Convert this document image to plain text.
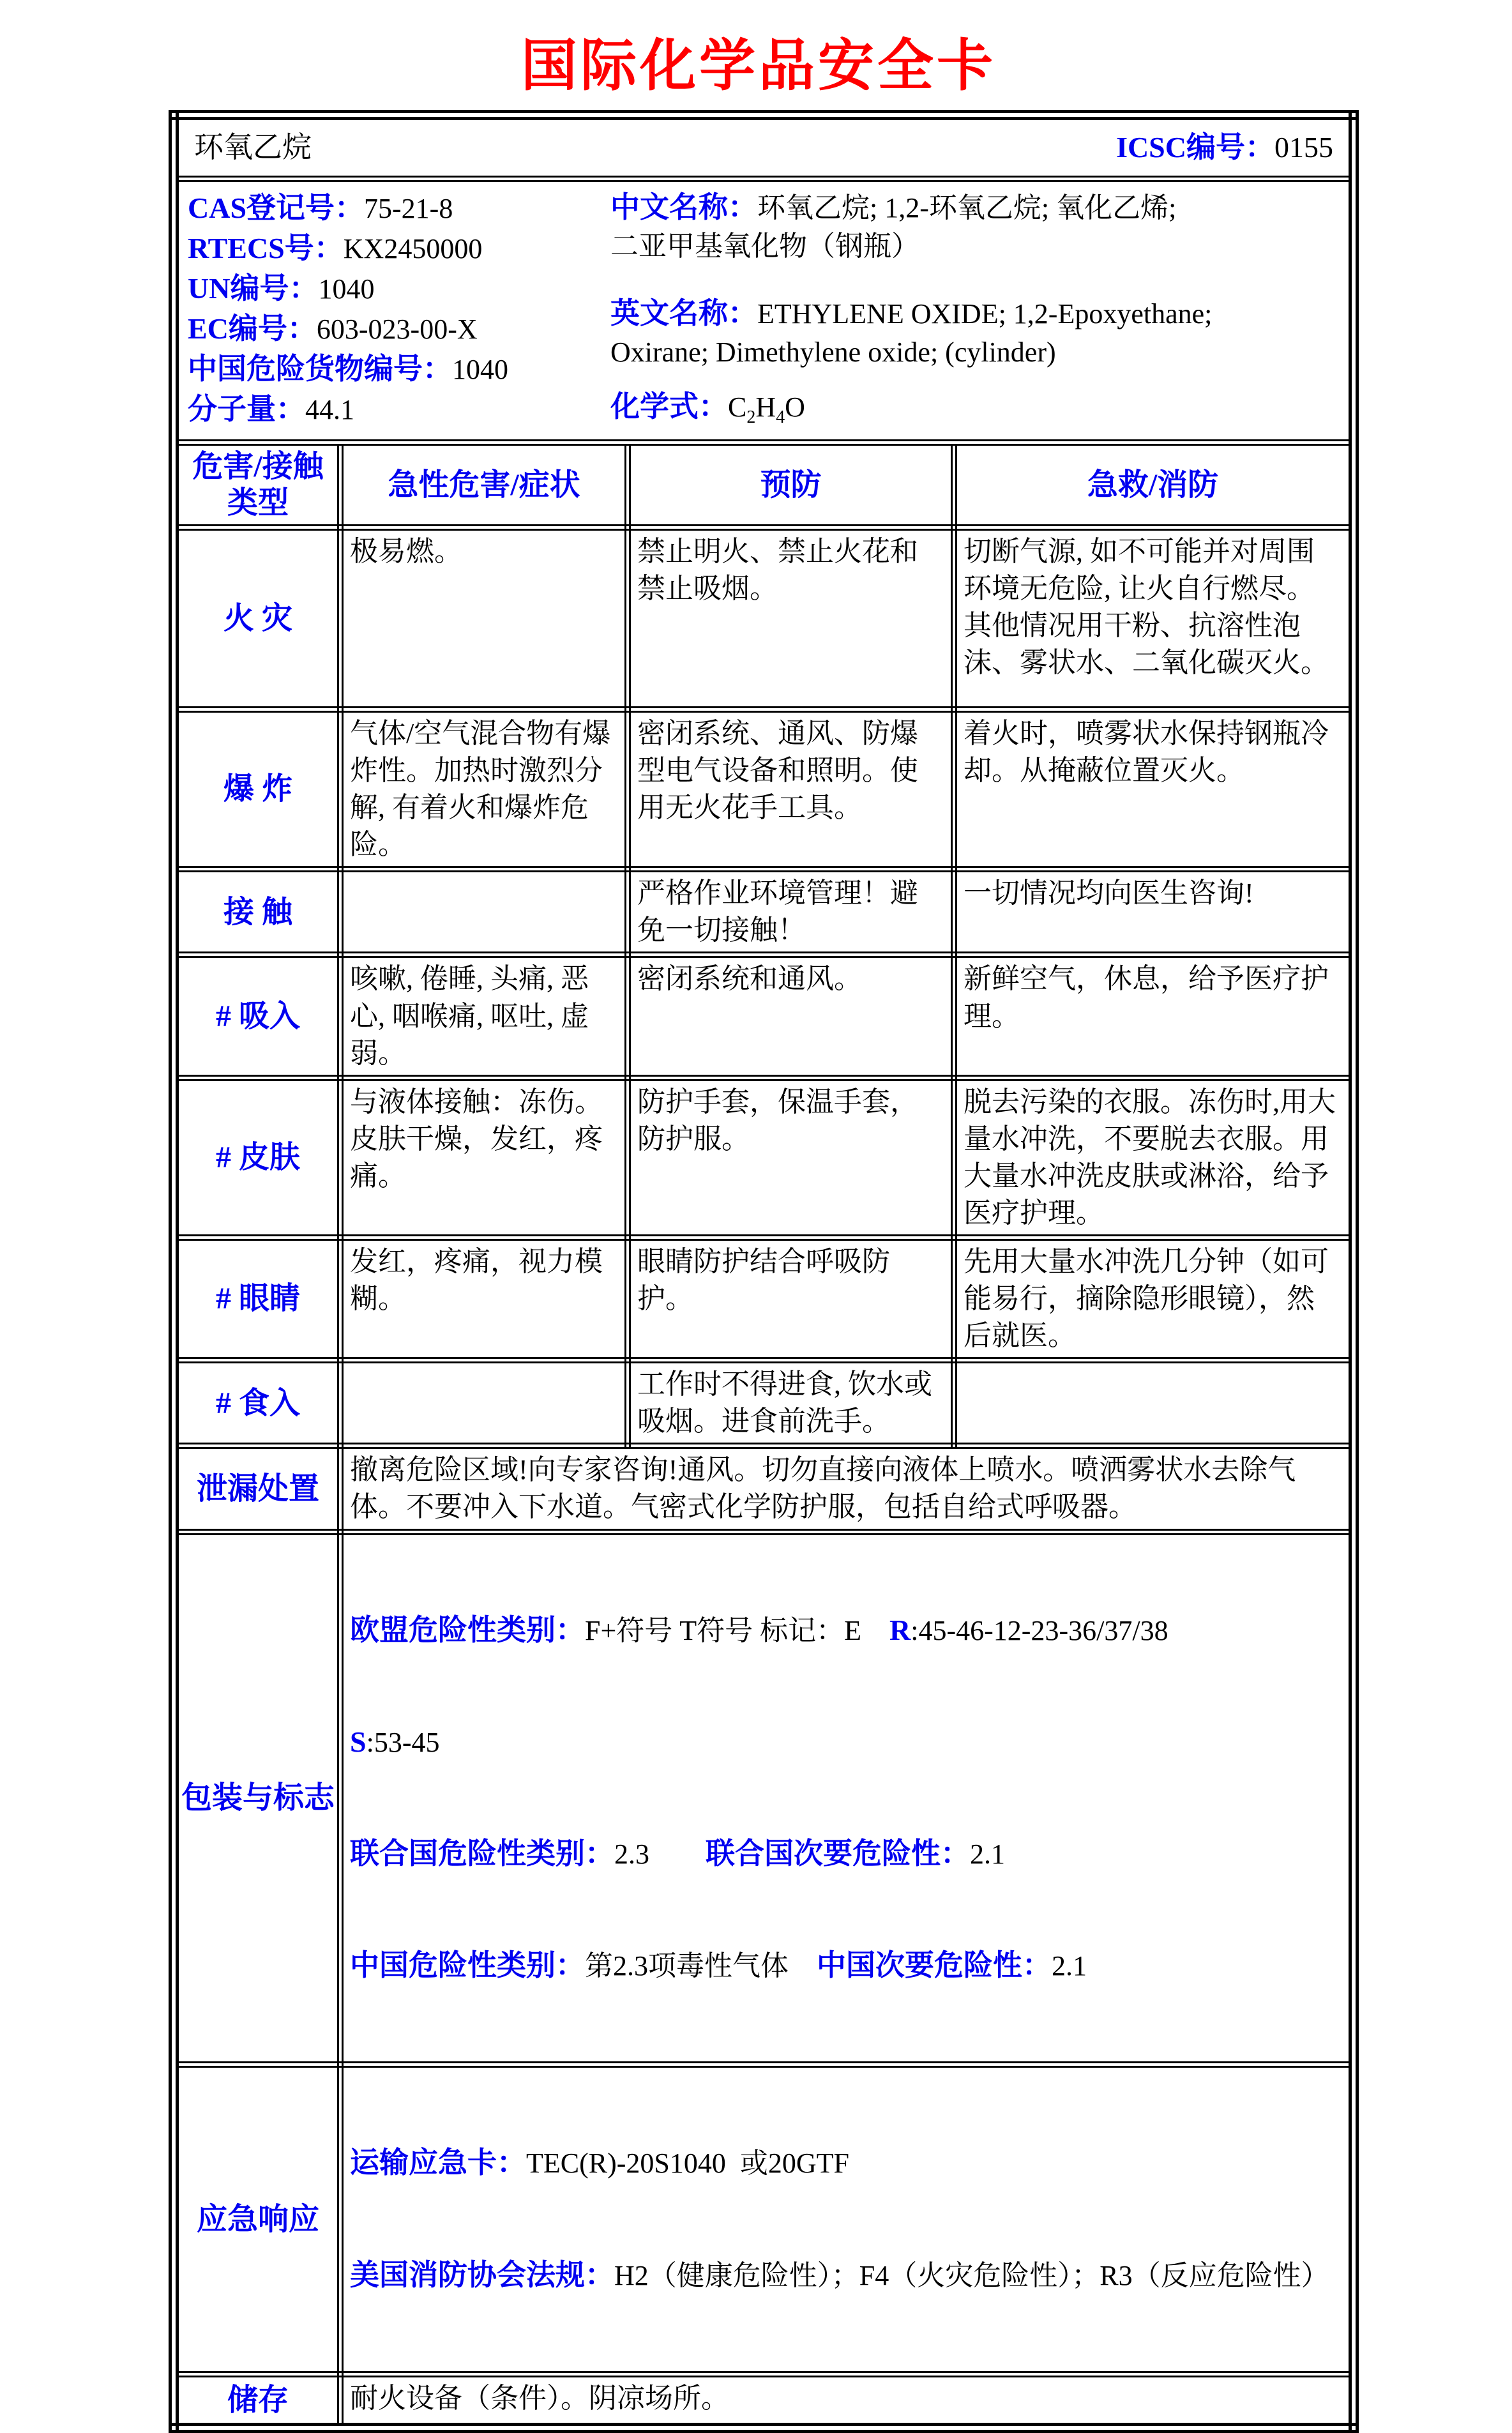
国际化学品安全卡
环氧乙烷 ICSC编号：0155			

CAS登记号：75-21-8
RTECS号：KX2450000
UN编号：1040
EC编号：603-023-00-X
中国危险货物编号：1040
分子量：44.1
中文名称：环氧乙烷; 1,2-环氧乙烷; 氧化乙烯;
二亚甲基氧化物（钢瓶）
英文名称：ETHYLENE OXIDE; 1,2-Epoxyethane;
Oxirane; Dimethylene oxide; (cylinder)
化学式：$C_2H_4O$

危害/接触
类型	急性危害/症状	预防	急救/消防
火 灾	极易燃。	禁止明火、禁止火花和禁止吸烟。	切断气源, 如不可能并对周围环境无危险, 让火自行燃尽。其他情况用干粉、抗溶性泡沫、雾状水、二氧化碳灭火。
爆 炸	气体/空气混合物有爆炸性。加热时激烈分解, 有着火和爆炸危险。	密闭系统、通风、防爆型电气设备和照明。使用无火花手工具。	着火时，喷雾状水保持钢瓶冷却。从掩蔽位置灭火。
接 触		严格作业环境管理！避免一切接触！	一切情况均向医生咨询!
# 吸入	咳嗽, 倦睡, 头痛, 恶心, 咽喉痛, 呕吐, 虚弱。	密闭系统和通风。	新鲜空气，休息，给予医疗护理。
# 皮肤	与液体接触：冻伤。皮肤干燥，发红，疼痛。	防护手套，保温手套，防护服。	脱去污染的衣服。冻伤时,用大量水冲洗，不要脱去衣服。用大量水冲洗皮肤或淋浴，给予医疗护理。
# 眼睛	发红，疼痛，视力模糊。	眼睛防护结合呼吸防护。	先用大量水冲洗几分钟（如可能易行，摘除隐形眼镜），然后就医。
# 食入		工作时不得进食, 饮水或吸烟。进食前洗手。	
泄漏处置	撤离危险区域!向专家咨询!通风。切勿直接向液体上喷水。喷洒雾状水去除气体。不要冲入下水道。气密式化学防护服，包括自给式呼吸器。		
包装与标志	欧盟危险性类别：F+符号 T符号 标记：E    R:45-46-12-23-36/37/38

S:53-45

联合国危险性类别：2.3        联合国次要危险性：2.1

中国危险性类别：第2.3项毒性气体    中国次要危险性：2.1		

应急响应	运输应急卡：TEC(R)-20S1040  或20GTF

美国消防协会法规：H2（健康危险性）；F4（火灾危险性）；R3（反应危险性）		

储存	耐火设备（条件）。阴凉场所。		
